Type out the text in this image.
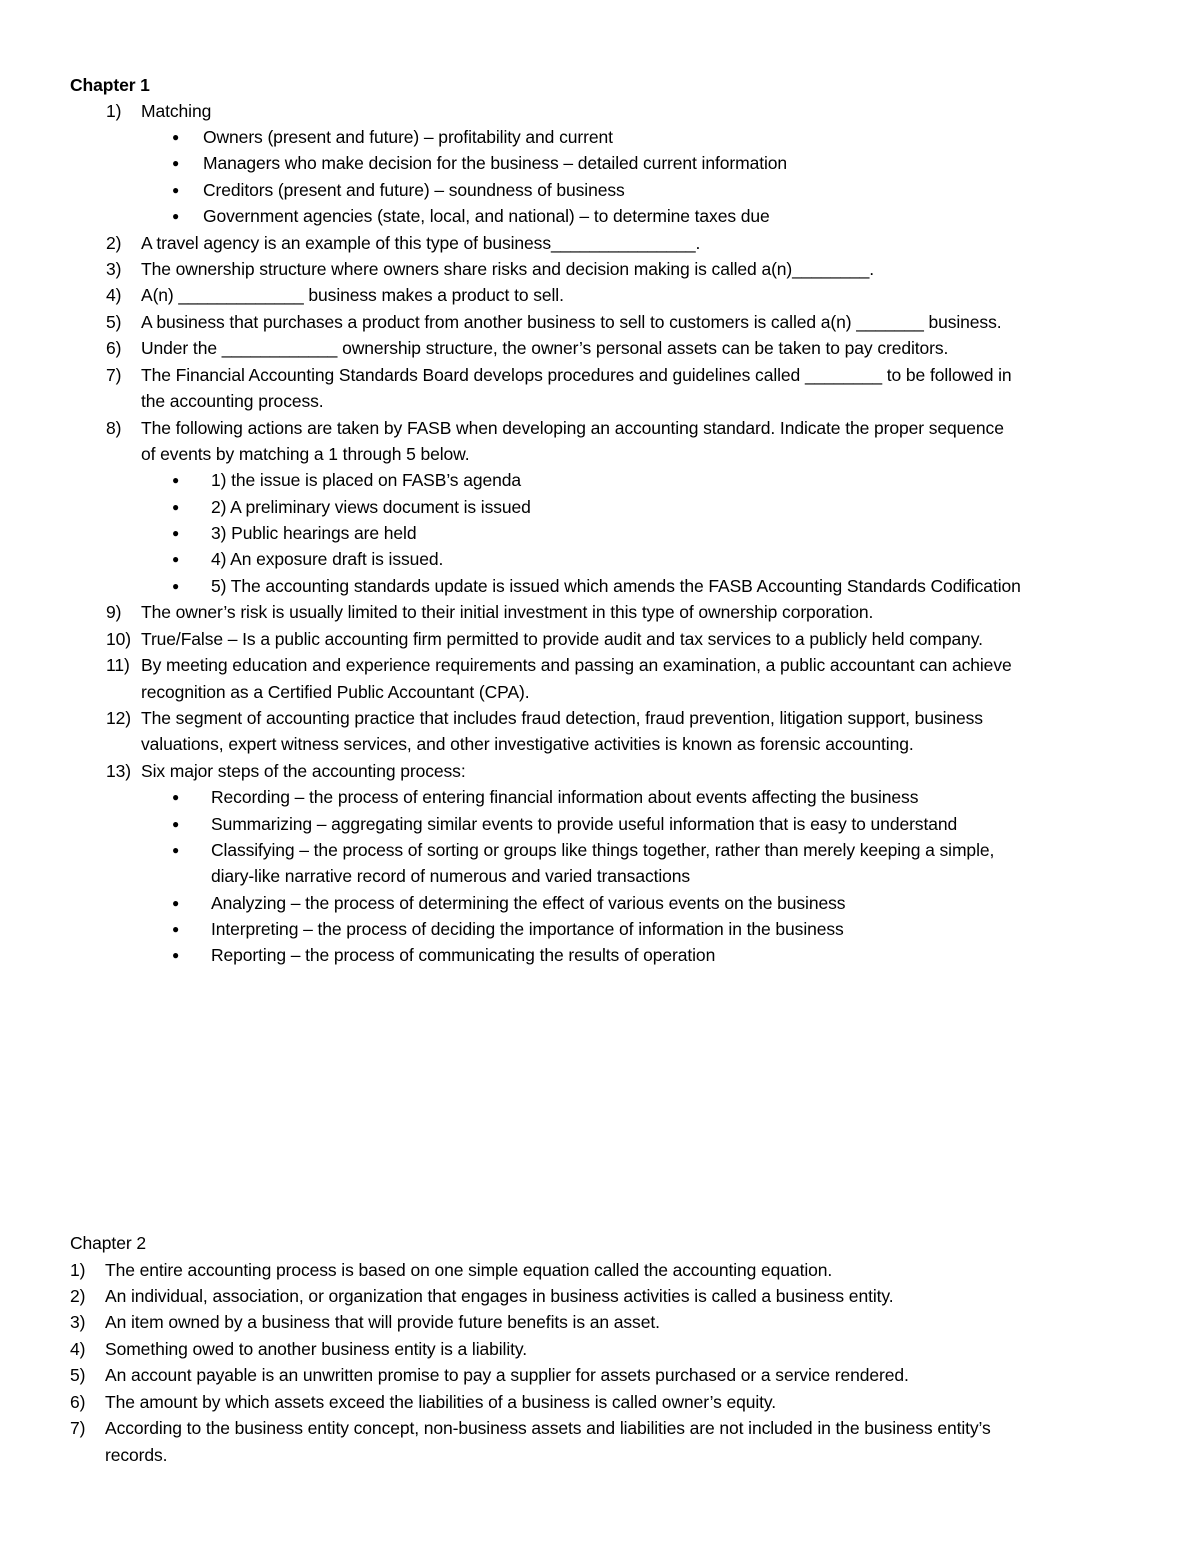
Chapter 1
1) Matching
● Owners (present and future) – profitability and current
● Managers who make decision for the business – detailed current information
● Creditors (present and future) – soundness of business
● Government agencies (state, local, and national) – to determine taxes due
2) A travel agency is an example of this type of business_______________.
3) The ownership structure where owners share risks and decision making is called a(n)________.
4) A(n) _____________ business makes a product to sell.
5) A business that purchases a product from another business to sell to customers is called a(n) _______ business.
6) Under the ____________ ownership structure, the owner’s personal assets can be taken to pay creditors.
7) The Financial Accounting Standards Board develops procedures and guidelines called ________ to be followed in
the accounting process.
8) The following actions are taken by FASB when developing an accounting standard. Indicate the proper sequence
of events by matching a 1 through 5 below.
● 1) the issue is placed on FASB’s agenda
● 2) A preliminary views document is issued
● 3) Public hearings are held
● 4) An exposure draft is issued.
● 5) The accounting standards update is issued which amends the FASB Accounting Standards Codification
9) The owner’s risk is usually limited to their initial investment in this type of ownership corporation.
10) True/False – Is a public accounting firm permitted to provide audit and tax services to a publicly held company.
11) By meeting education and experience requirements and passing an examination, a public accountant can achieve
recognition as a Certified Public Accountant (CPA).
12) The segment of accounting practice that includes fraud detection, fraud prevention, litigation support, business
valuations, expert witness services, and other investigative activities is known as forensic accounting.
13) Six major steps of the accounting process:
● Recording – the process of entering financial information about events affecting the business
● Summarizing – aggregating similar events to provide useful information that is easy to understand
● Classifying – the process of sorting or groups like things together, rather than merely keeping a simple,
diary-like narrative record of numerous and varied transactions
● Analyzing – the process of determining the effect of various events on the business
● Interpreting – the process of deciding the importance of information in the business
● Reporting – the process of communicating the results of operation
Chapter 2
1) The entire accounting process is based on one simple equation called the accounting equation.
2) An individual, association, or organization that engages in business activities is called a business entity.
3) An item owned by a business that will provide future benefits is an asset.
4) Something owed to another business entity is a liability.
5) An account payable is an unwritten promise to pay a supplier for assets purchased or a service rendered.
6) The amount by which assets exceed the liabilities of a business is called owner’s equity.
7) According to the business entity concept, non-business assets and liabilities are not included in the business entity’s
records.
